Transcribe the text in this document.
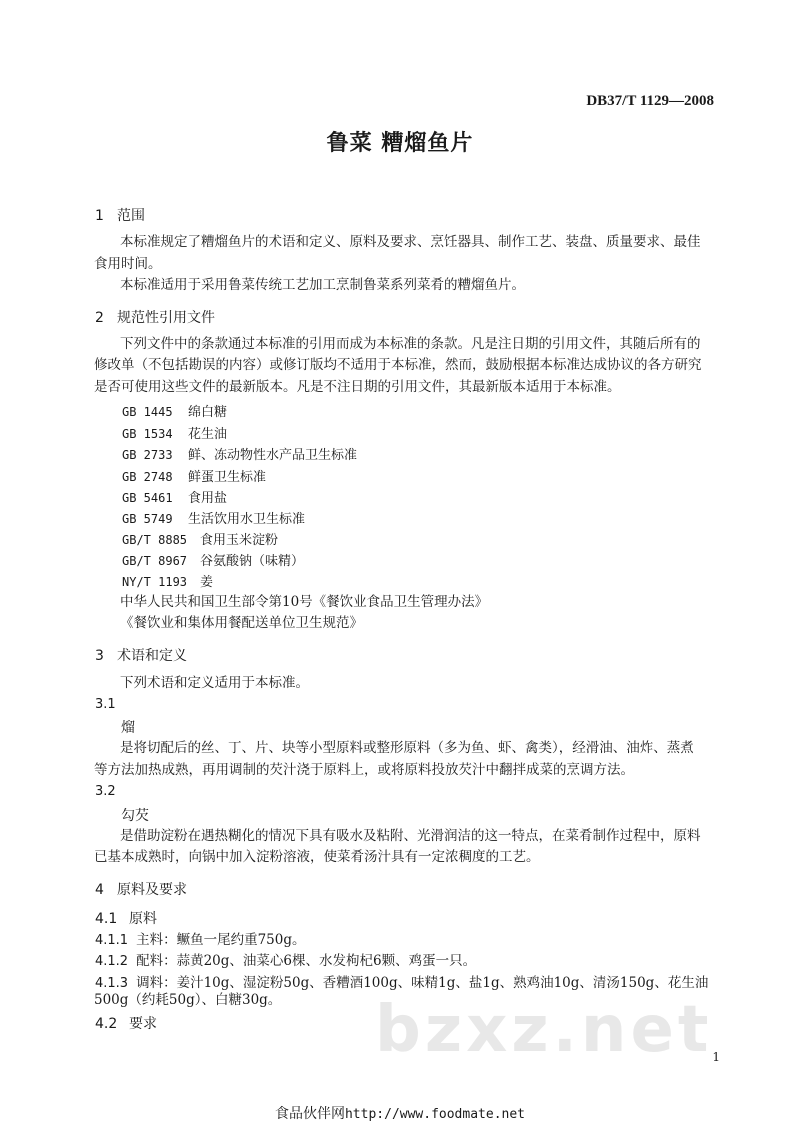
bzxz.net

DB37/T 1129—2008

鲁菜 糟熘鱼片
1 范围

本标准规定了糟熘鱼片的术语和定义、原料及要求、烹饪器具、制作工艺、装盘、质量要求、最佳

食用时间。

本标准适用于采用鲁菜传统工艺加工烹制鲁菜系列菜肴的糟熘鱼片。

2 规范性引用文件

下列文件中的条款通过本标准的引用而成为本标准的条款。凡是注日期的引用文件，其随后所有的

修改单（不包括勘误的内容）或修订版均不适用于本标准，然而，鼓励根据本标准达成协议的各方研究

是否可使用这些文件的最新版本。凡是不注日期的引用文件，其最新版本适用于本标准。

GB 1445 绵白糖
GB 1534 花生油
GB 2733 鲜、冻动物性水产品卫生标准
GB 2748 鲜蛋卫生标准
GB 5461 食用盐
GB 5749 生活饮用水卫生标准
GB/T 8885 食用玉米淀粉
GB/T 8967 谷氨酸钠（味精）
NY/T 1193 姜

中华人民共和国卫生部令第10号《餐饮业食品卫生管理办法》

《餐饮业和集体用餐配送单位卫生规范》

3 术语和定义

下列术语和定义适用于本标准。

3.1
熘

是将切配后的丝、丁、片、块等小型原料或整形原料（多为鱼、虾、禽类），经滑油、油炸、蒸煮

等方法加热成熟，再用调制的芡汁浇于原料上，或将原料投放芡汁中翻拌成菜的烹调方法。

3.2
勾芡

是借助淀粉在遇热糊化的情况下具有吸水及粘附、光滑润洁的这一特点，在菜肴制作过程中，原料

已基本成熟时，向锅中加入淀粉溶液，使菜肴汤汁具有一定浓稠度的工艺。

4 原料及要求
4.1 原料
4.1.1 主料：鳜鱼一尾约重750g。
4.1.2 配料：蒜黄20g、油菜心6棵、水发枸杞6颗、鸡蛋一只。
4.1.3 调料：姜汁10g、湿淀粉50g、香糟酒100g、味精1g、盐1g、熟鸡油10g、清汤150g、花生油

500g（约耗50g）、白糖30g。

4.2 要求
1
食品伙伴网http://www.foodmate.net
